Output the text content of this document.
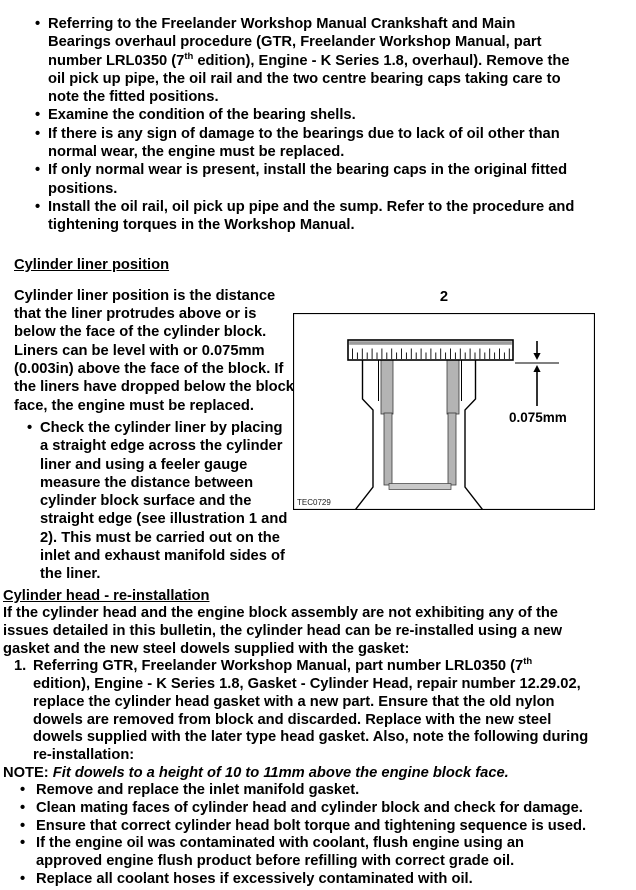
• Referring to the Freelander Workshop Manual Crankshaft and Main Bearings overhaul procedure (GTR, Freelander Workshop Manual, part number LRL0350 (7th edition), Engine - K Series 1.8, overhaul). Remove the oil pick up pipe, the oil rail and the two centre bearing caps taking care to note the fitted positions.
• Examine the condition of the bearing shells.
• If there is any sign of damage to the bearings due to lack of oil other than normal wear, the engine must be replaced.
• If only normal wear is present, install the bearing caps in the original fitted positions.
• Install the oil rail, oil pick up pipe and the sump. Refer to the procedure and tightening torques in the Workshop Manual.
Cylinder liner position

Cylinder liner position is the distance that the liner protrudes above or is below the face of the cylinder block. Liners can be level with or 0.075mm (0.003in) above the face of the block. If the liners have dropped below the block face, the engine must be replaced.

• Check the cylinder liner by placing a straight edge across the cylinder liner and using a feeler gauge measure the distance between cylinder block surface and the straight edge (see illustration 1 and 2). This must be carried out on the inlet and exhaust manifold sides of the liner.
2
0.075mm
TEC0729
Cylinder head - re-installation

If the cylinder head and the engine block assembly are not exhibiting any of the issues detailed in this bulletin, the cylinder head can be re-installed using a new gasket and the new steel dowels supplied with the gasket:

1. Referring GTR, Freelander Workshop Manual, part number LRL0350 (7th edition), Engine - K Series 1.8, Gasket - Cylinder Head, repair number 12.29.02, replace the cylinder head gasket with a new part. Ensure that the old nylon dowels are removed from block and discarded. Replace with the new steel dowels supplied with the later type head gasket. Also, note the following during re-installation:

NOTE: Fit dowels to a height of 10 to 11mm above the engine block face.

• Remove and replace the inlet manifold gasket.
• Clean mating faces of cylinder head and cylinder block and check for damage.
• Ensure that correct cylinder head bolt torque and tightening sequence is used.
• If the engine oil was contaminated with coolant, flush engine using an approved engine flush product before refilling with correct grade oil.
• Replace all coolant hoses if excessively contaminated with oil.
